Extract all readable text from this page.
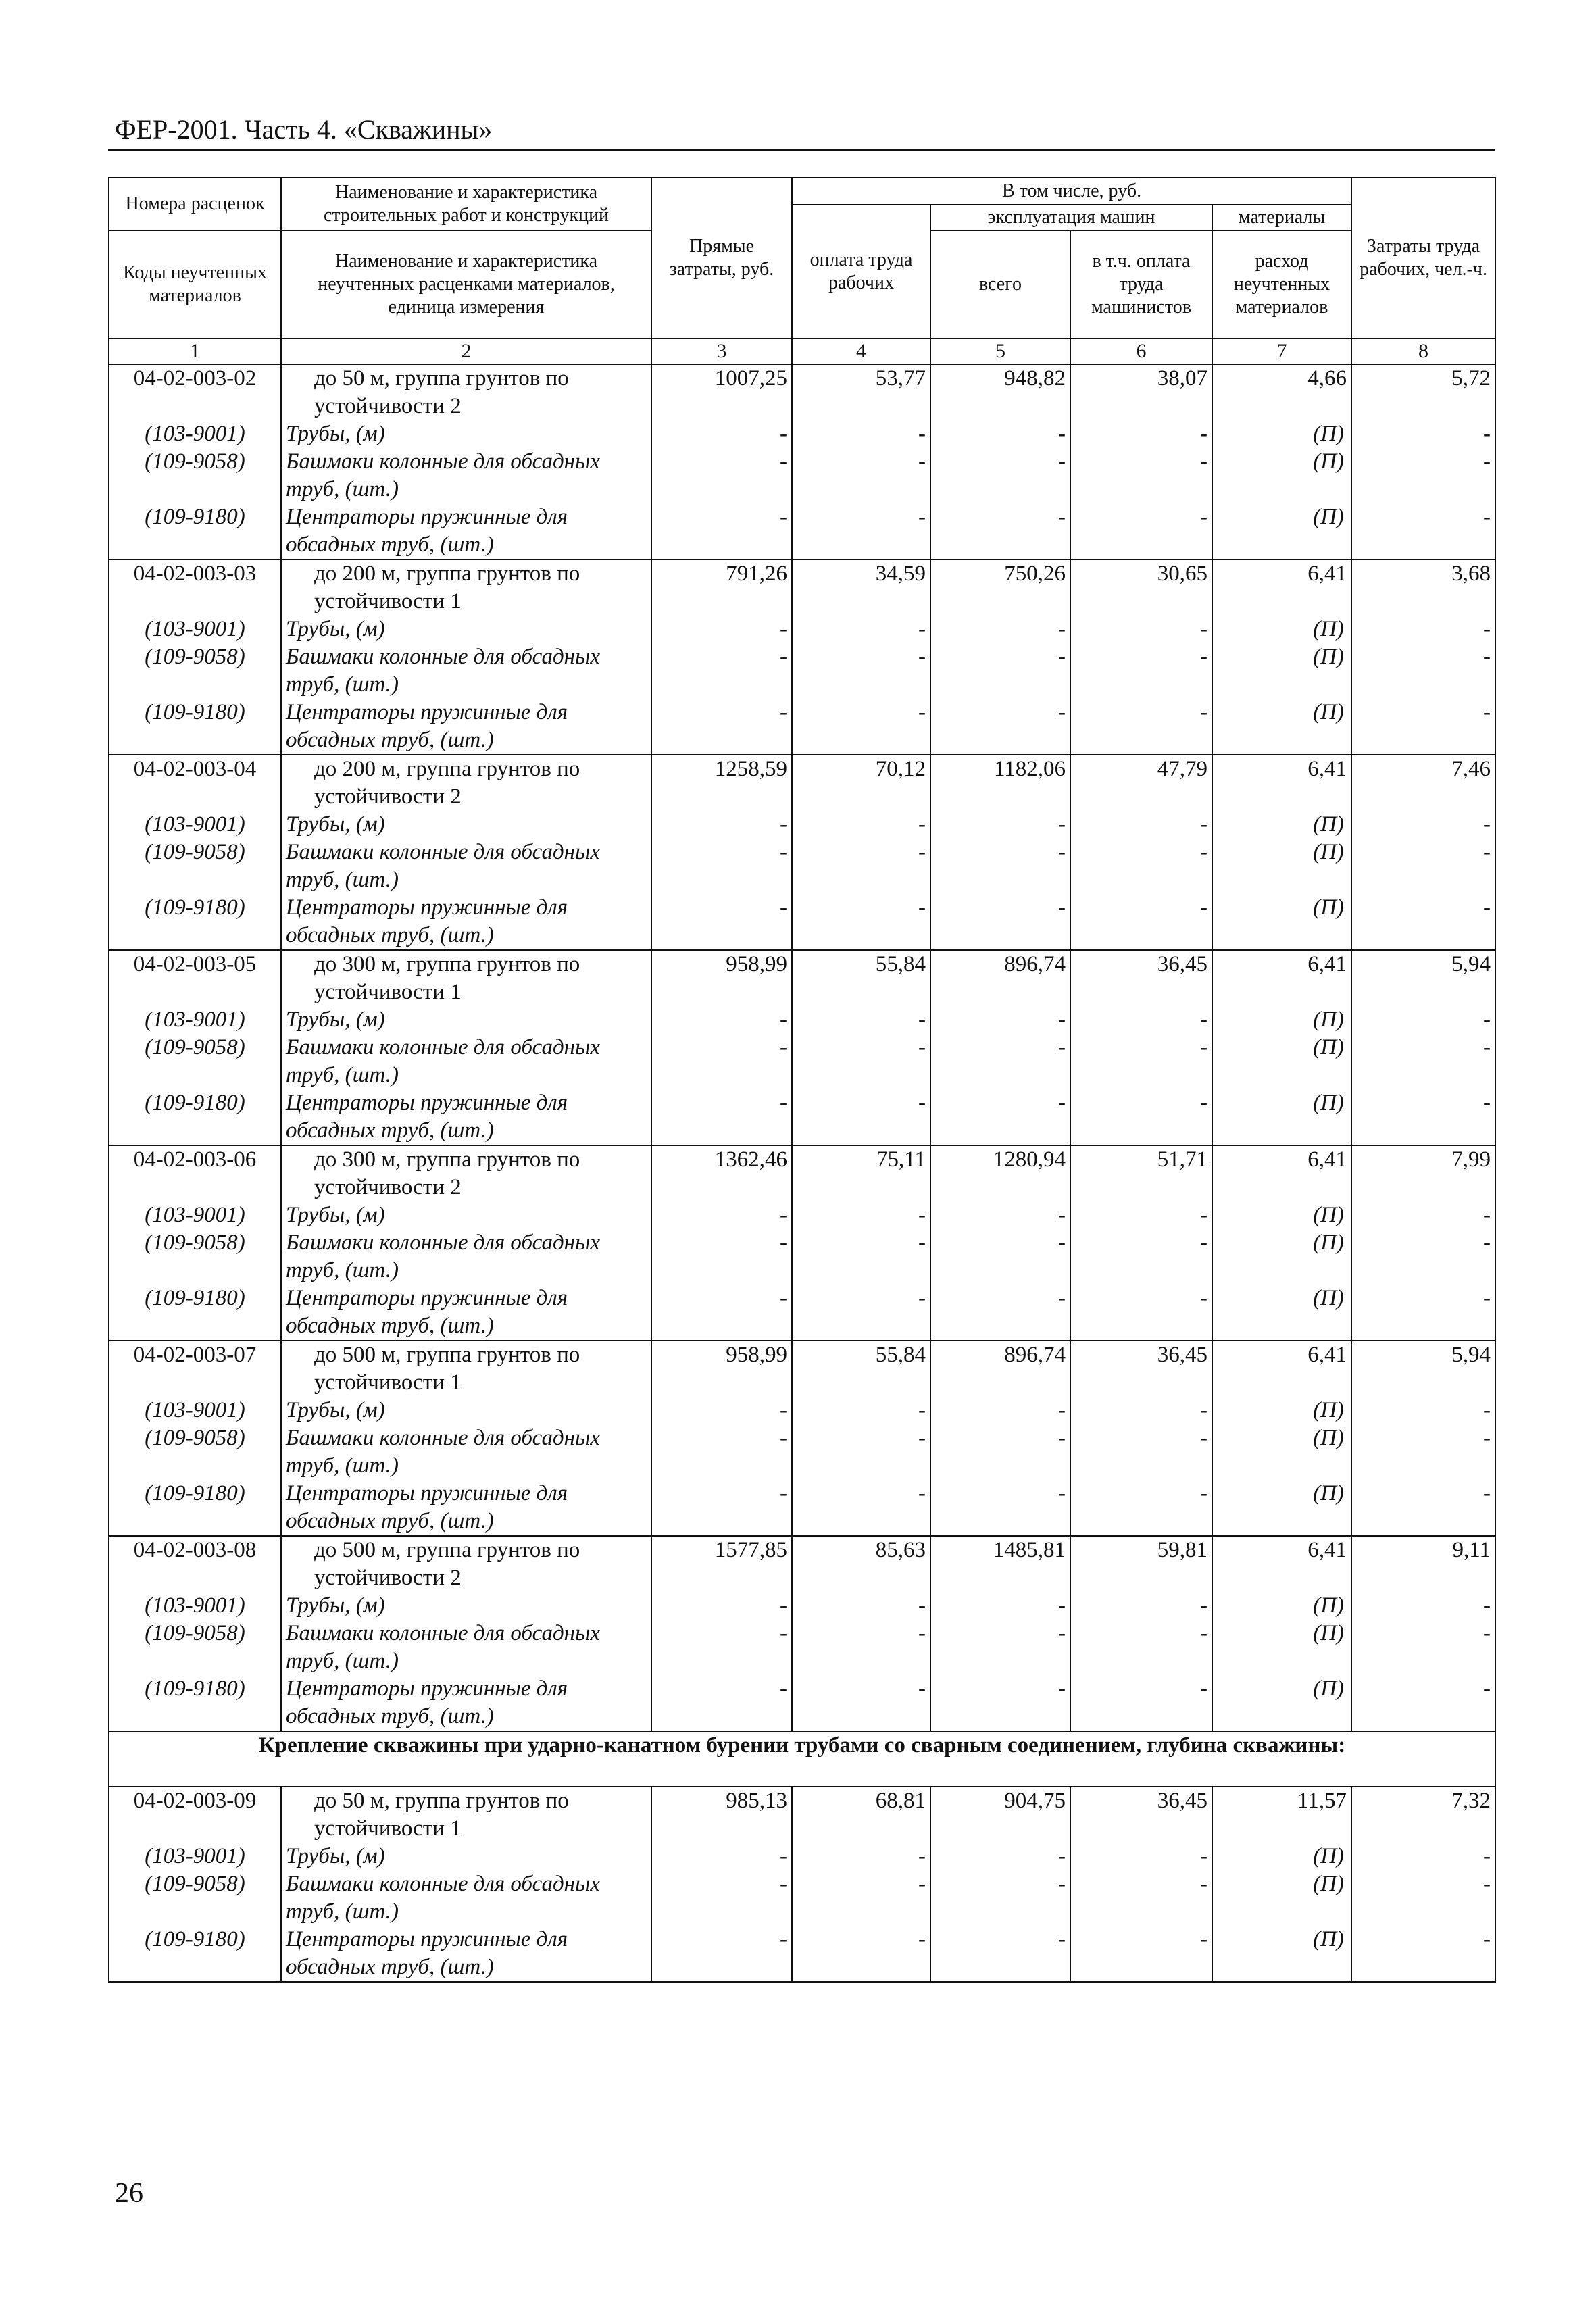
ФЕР-2001. Часть 4. «Скважины»
Номера расценок	Наименование и характеристика строительных работ и конструкций	Прямые затраты, руб.	В том числе, руб.				Затраты труда рабочих, чел.-ч.
			оплата труда рабочих	эксплуатация машин		материалы	
Коды неучтенных материалов	Наименование и характеристика неучтенных расценками материалов, единица измерения			всего	в т.ч. оплата труда машинистов	расход неучтенных материалов	

1	2	3	4	5	6	7	8
04-02-003-02	до 50 м, группа грунтов по устойчивости 2	1007,25	53,77	948,82	38,07	4,66	5,72
(103-9001)	Трубы, (м)	-	-	-	-	(П)	-
(109-9058)	Башмаки колонные для обсадных труб, (шт.)	-	-	-	-	(П)	-
(109-9180)	Центраторы пружинные для обсадных труб, (шт.)	-	-	-	-	(П)	-
04-02-003-03	до 200 м, группа грунтов по устойчивости 1	791,26	34,59	750,26	30,65	6,41	3,68
(103-9001)	Трубы, (м)	-	-	-	-	(П)	-
(109-9058)	Башмаки колонные для обсадных труб, (шт.)	-	-	-	-	(П)	-
(109-9180)	Центраторы пружинные для обсадных труб, (шт.)	-	-	-	-	(П)	-
04-02-003-04	до 200 м, группа грунтов по устойчивости 2	1258,59	70,12	1182,06	47,79	6,41	7,46
(103-9001)	Трубы, (м)	-	-	-	-	(П)	-
(109-9058)	Башмаки колонные для обсадных труб, (шт.)	-	-	-	-	(П)	-
(109-9180)	Центраторы пружинные для обсадных труб, (шт.)	-	-	-	-	(П)	-
04-02-003-05	до 300 м, группа грунтов по устойчивости 1	958,99	55,84	896,74	36,45	6,41	5,94
(103-9001)	Трубы, (м)	-	-	-	-	(П)	-
(109-9058)	Башмаки колонные для обсадных труб, (шт.)	-	-	-	-	(П)	-
(109-9180)	Центраторы пружинные для обсадных труб, (шт.)	-	-	-	-	(П)	-
04-02-003-06	до 300 м, группа грунтов по устойчивости 2	1362,46	75,11	1280,94	51,71	6,41	7,99
(103-9001)	Трубы, (м)	-	-	-	-	(П)	-
(109-9058)	Башмаки колонные для обсадных труб, (шт.)	-	-	-	-	(П)	-
(109-9180)	Центраторы пружинные для обсадных труб, (шт.)	-	-	-	-	(П)	-
04-02-003-07	до 500 м, группа грунтов по устойчивости 1	958,99	55,84	896,74	36,45	6,41	5,94
(103-9001)	Трубы, (м)	-	-	-	-	(П)	-
(109-9058)	Башмаки колонные для обсадных труб, (шт.)	-	-	-	-	(П)	-
(109-9180)	Центраторы пружинные для обсадных труб, (шт.)	-	-	-	-	(П)	-
04-02-003-08	до 500 м, группа грунтов по устойчивости 2	1577,85	85,63	1485,81	59,81	6,41	9,11
(103-9001)	Трубы, (м)	-	-	-	-	(П)	-
(109-9058)	Башмаки колонные для обсадных труб, (шт.)	-	-	-	-	(П)	-
(109-9180)	Центраторы пружинные для обсадных труб, (шт.)	-	-	-	-	(П)	-
Крепление скважины при ударно-канатном бурении трубами со сварным соединением, глубина скважины:							
04-02-003-09	до 50 м, группа грунтов по устойчивости 1	985,13	68,81	904,75	36,45	11,57	7,32
(103-9001)	Трубы, (м)	-	-	-	-	(П)	-
(109-9058)	Башмаки колонные для обсадных труб, (шт.)	-	-	-	-	(П)	-
(109-9180)	Центраторы пружинные для обсадных труб, (шт.)	-	-	-	-	(П)	-
26
